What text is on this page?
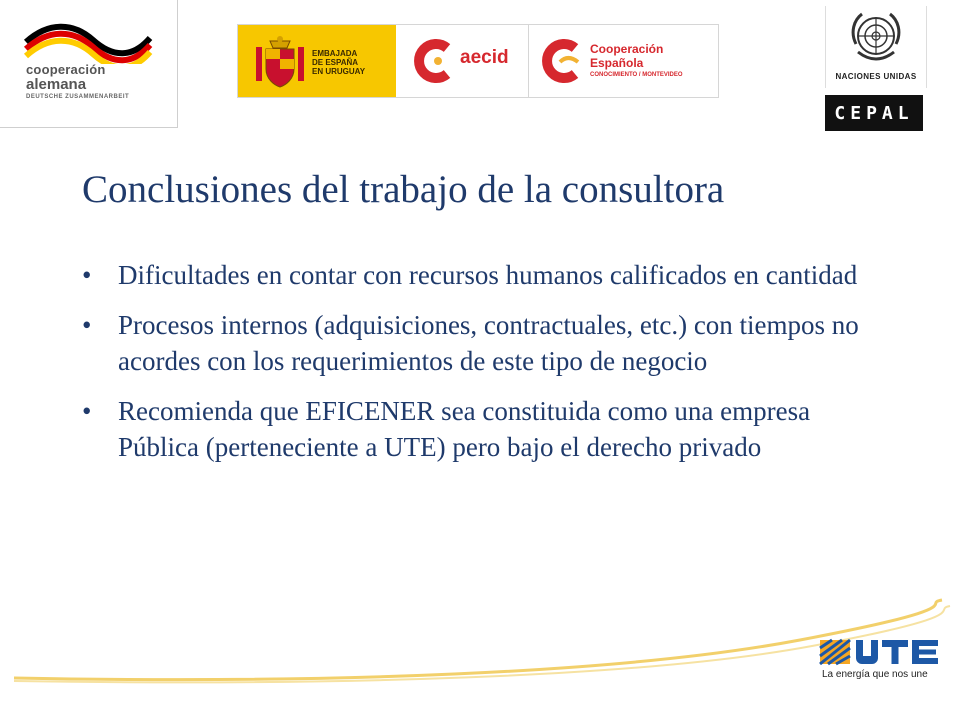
cooperación
alemana
DEUTSCHE ZUSAMMENARBEIT
EMBAJADA
DE ESPAÑA
EN URUGUAY
aecid	Cooperación
Española
CONOCIMIENTO / MONTEVIDEO	NACIONES UNIDAS
CEPAL
Conclusiones del trabajo de la consultora
• Dificultades en contar con recursos humanos calificados en cantidad
• Procesos internos (adquisiciones, contractuales, etc.) con tiempos no acordes con los requerimientos de este tipo de negocio
• Recomienda que EFICENER sea constituida como una empresa Pública (perteneciente a UTE) pero bajo el derecho privado
La energía que nos une
